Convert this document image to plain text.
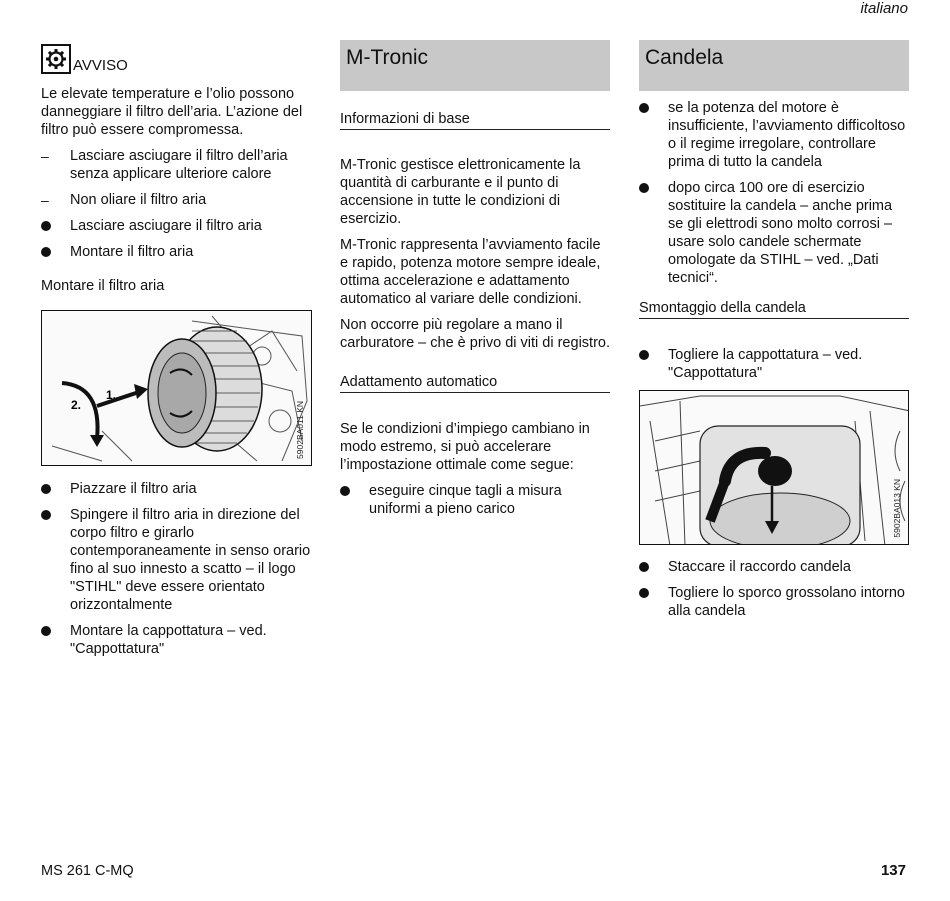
italiano
AVVISO

Le elevate temperature e l’olio possono danneggiare il filtro dell’aria. L’azione del filtro può essere compromessa.

–	Lasciare asciugare il filtro dell’aria senza applicare ulteriore calore
–	Non oliare il filtro aria
Lasciare asciugare il filtro aria
Montare il filtro aria
Montare il filtro aria
1.
2.	5902BA011 KN
Piazzare il filtro aria
Spingere il filtro aria in direzione del corpo filtro e girarlo contemporaneamente in senso orario fino al suo innesto a scatto – il logo "STIHL" deve essere orientato orizzontalmente
Montare la cappottatura – ved. "Cappottatura"
M-Tronic
Informazioni di base

M-Tronic gestisce elettronicamente la quantità di carburante e il punto di accensione in tutte le condizioni di esercizio.

M-Tronic rappresenta l’avviamento facile e rapido, potenza motore sempre ideale, ottima accelerazione e adattamento automatico al variare delle condizioni.

Non occorre più regolare a mano il carburatore – che è privo di viti di registro.

Adattamento automatico

Se le condizioni d’impiego cambiano in modo estremo, si può accelerare l’impostazione ottimale come segue:

eseguire cinque tagli a misura uniformi a pieno carico
Candela
se la potenza del motore è insufficiente, l’avviamento difficoltoso o il regime irregolare, controllare prima di tutto la candela
dopo circa 100 ore di esercizio sostituire la candela – anche prima se gli elettrodi sono molto corrosi – usare solo candele schermate omologate da STIHL – ved. „Dati tecnici“.
Smontaggio della candela
Togliere la cappottatura – ved. "Cappottatura"
5902BA013 KN
Staccare il raccordo candela
Togliere lo sporco grossolano intorno alla candela
MS 261 C-MQ	137
